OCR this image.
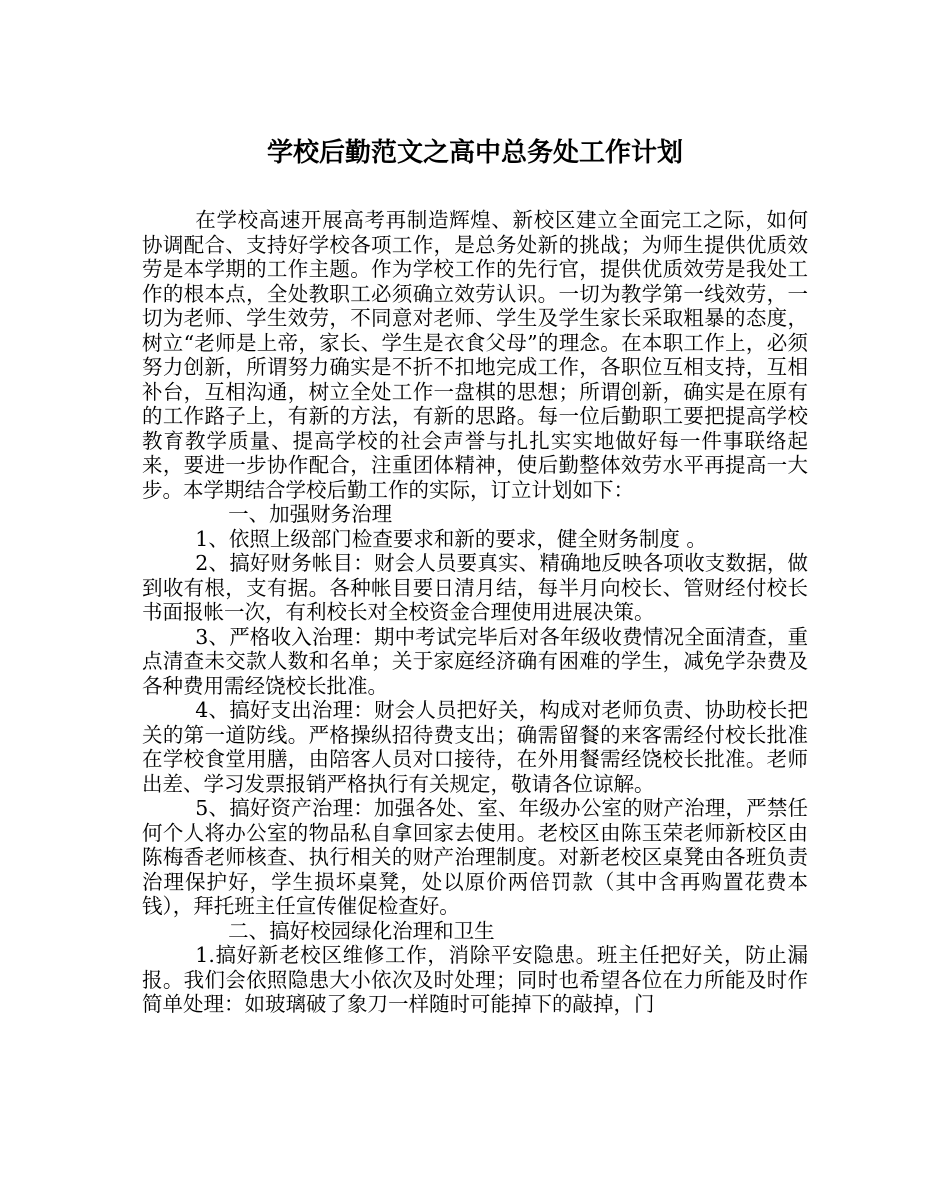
学校后勤范文之高中总务处工作计划

在学校高速开展高考再制造辉煌、新校区建立全面完工之际，如何协调配合、支持好学校各项工作，是总务处新的挑战；为师生提供优质效劳是本学期的工作主题。作为学校工作的先行官，提供优质效劳是我处工作的根本点，全处教职工必须确立效劳认识。一切为教学第一线效劳，一切为老师、学生效劳，不同意对老师、学生及学生家长采取粗暴的态度，树立“老师是上帝，家长、学生是衣食父母”的理念。在本职工作上，必须努力创新，所谓努力确实是不折不扣地完成工作，各职位互相支持，互相补台，互相沟通，树立全处工作一盘棋的思想；所谓创新，确实是在原有的工作路子上，有新的方法，有新的思路。每一位后勤职工要把提高学校教育教学质量、提高学校的社会声誉与扎扎实实地做好每一件事联络起来，要进一步协作配合，注重团体精神，使后勤整体效劳水平再提高一大步。本学期结合学校后勤工作的实际，订立计划如下：

一、加强财务治理

1、依照上级部门检查要求和新的要求，健全财务制度 。

2、搞好财务帐目：财会人员要真实、精确地反映各项收支数据，做到收有根，支有据。各种帐目要日清月结，每半月向校长、管财经付校长书面报帐一次，有利校长对全校资金合理使用进展决策。

3、严格收入治理：期中考试完毕后对各年级收费情况全面清查，重点清查未交款人数和名单；关于家庭经济确有困难的学生，减免学杂费及各种费用需经饶校长批准。

4、搞好支出治理：财会人员把好关，构成对老师负责、协助校长把关的第一道防线。严格操纵招待费支出；确需留餐的来客需经付校长批准在学校食堂用膳，由陪客人员对口接待，在外用餐需经饶校长批准。老师出差、学习发票报销严格执行有关规定，敬请各位谅解。

5、搞好资产治理：加强各处、室、年级办公室的财产治理，严禁任何个人将办公室的物品私自拿回家去使用。老校区由陈玉荣老师新校区由陈梅香老师核查、执行相关的财产治理制度。对新老校区桌凳由各班负责治理保护好，学生损坏桌凳，处以原价两倍罚款（其中含再购置花费本钱），拜托班主任宣传催促检查好。

二、搞好校园绿化治理和卫生

1.搞好新老校区维修工作，消除平安隐患。班主任把好关，防止漏报。我们会依照隐患大小依次及时处理；同时也希望各位在力所能及时作简单处理：如玻璃破了象刀一样随时可能掉下的敲掉，门
